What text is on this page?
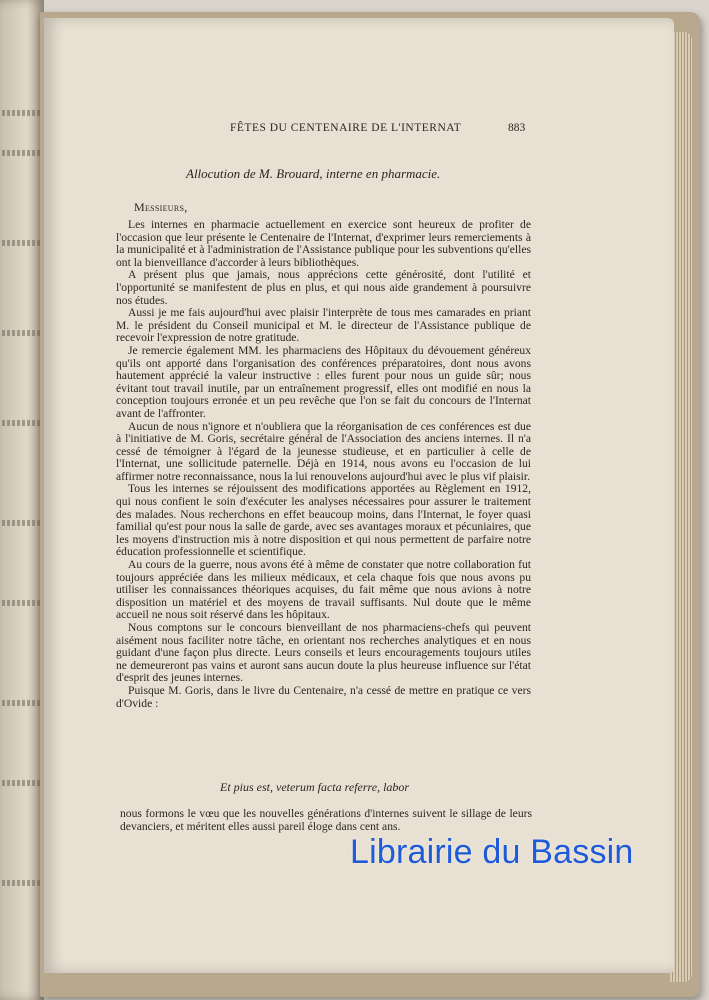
FÊTES DU CENTENAIRE DE L'INTERNAT	883
Allocution de M. Brouard, interne en pharmacie.
Messieurs,

Les internes en pharmacie actuellement en exercice sont heureux de profiter de l'occasion que leur présente le Centenaire de l'Internat, d'exprimer leurs remerciements à la municipalité et à l'administration de l'Assistance publique pour les subventions qu'elles ont la bienveillance d'accorder à leurs bibliothèques.

A présent plus que jamais, nous apprécions cette générosité, dont l'utilité et l'opportunité se manifestent de plus en plus, et qui nous aide grandement à poursuivre nos études.

Aussi je me fais aujourd'hui avec plaisir l'interprète de tous mes camarades en priant M. le président du Conseil municipal et M. le directeur de l'Assistance publique de recevoir l'expression de notre gratitude.

Je remercie également MM. les pharmaciens des Hôpitaux du dévouement généreux qu'ils ont apporté dans l'organisation des conférences préparatoires, dont nous avons hautement apprécié la valeur instructive : elles furent pour nous un guide sûr; nous évitant tout travail inutile, par un entraînement progressif, elles ont modifié en nous la conception toujours erronée et un peu revêche que l'on se fait du concours de l'Internat avant de l'affronter.

Aucun de nous n'ignore et n'oubliera que la réorganisation de ces conférences est due à l'initiative de M. Goris, secrétaire général de l'Association des anciens internes. Il n'a cessé de témoigner à l'égard de la jeunesse studieuse, et en particulier à celle de l'Internat, une sollicitude paternelle. Déjà en 1914, nous avons eu l'occasion de lui affirmer notre reconnaissance, nous la lui renouvelons aujourd'hui avec le plus vif plaisir.

Tous les internes se réjouissent des modifications apportées au Règlement en 1912, qui nous confient le soin d'exécuter les analyses nécessaires pour assurer le traitement des malades. Nous recherchons en effet beaucoup moins, dans l'Internat, le foyer quasi familial qu'est pour nous la salle de garde, avec ses avantages moraux et pécuniaires, que les moyens d'instruction mis à notre disposition et qui nous permettent de parfaire notre éducation professionnelle et scientifique.

Au cours de la guerre, nous avons été à même de constater que notre collaboration fut toujours appréciée dans les milieux médicaux, et cela chaque fois que nous avons pu utiliser les connaissances théoriques acquises, du fait même que nous avions à notre disposition un matériel et des moyens de travail suffisants. Nul doute que le même accueil ne nous soit réservé dans les hôpitaux.

Nous comptons sur le concours bienveillant de nos pharmaciens-chefs qui peuvent aisément nous faciliter notre tâche, en orientant nos recherches analytiques et en nous guidant d'une façon plus directe. Leurs conseils et leurs encouragements toujours utiles ne demeureront pas vains et auront sans aucun doute la plus heureuse influence sur l'état d'esprit des jeunes internes.

Puisque M. Goris, dans le livre du Centenaire, n'a cessé de mettre en pratique ce vers d'Ovide :

Et pius est, veterum facta referre, labor
nous formons le vœu que les nouvelles générations d'internes suivent le sillage de leurs devanciers, et méritent elles aussi pareil éloge dans cent ans.
Librairie du Bassin
